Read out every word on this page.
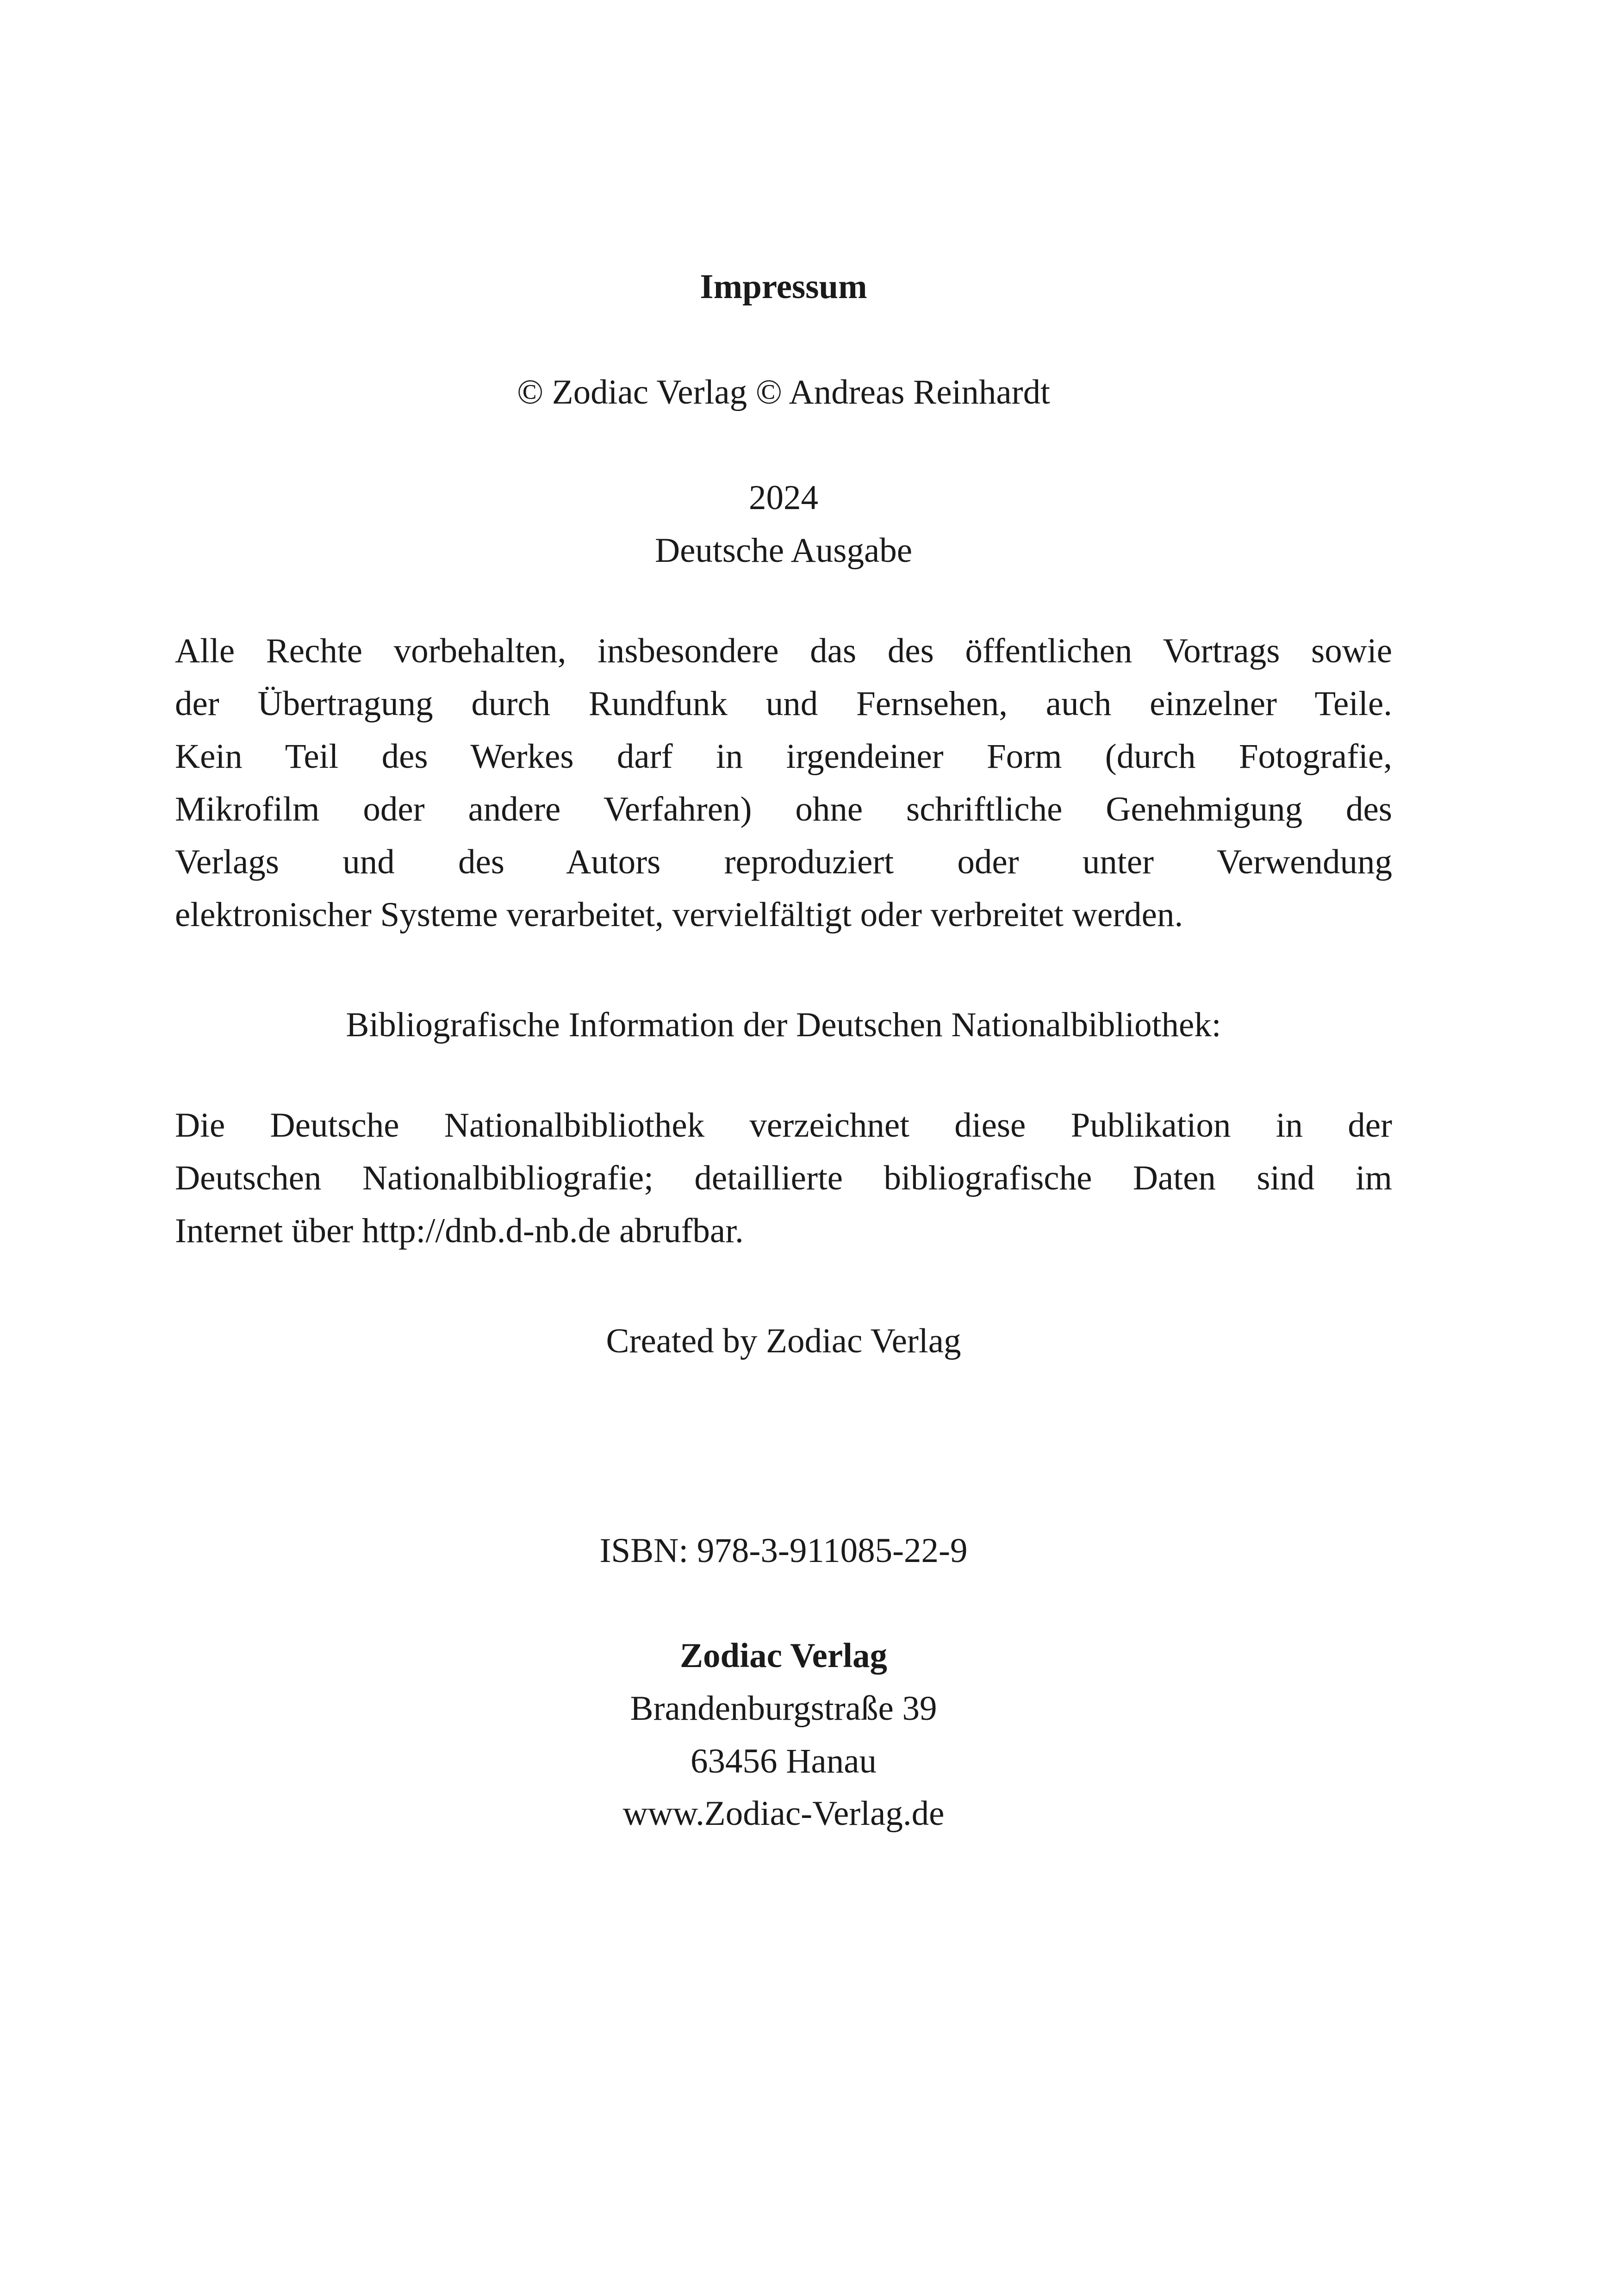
Impressum
© Zodiac Verlag © Andreas Reinhardt
2024
Deutsche Ausgabe
Alle Rechte vorbehalten, insbesondere das des öffentlichen Vortrags sowie
der Übertragung durch Rundfunk und Fernsehen, auch einzelner Teile.
Kein Teil des Werkes darf in irgendeiner Form (durch Fotografie,
Mikrofilm oder andere Verfahren) ohne schriftliche Genehmigung des
Verlags und des Autors reproduziert oder unter Verwendung
elektronischer Systeme verarbeitet, vervielfältigt oder verbreitet werden.
Bibliografische Information der Deutschen Nationalbibliothek:
Die Deutsche Nationalbibliothek verzeichnet diese Publikation in der
Deutschen Nationalbibliografie; detaillierte bibliografische Daten sind im
Internet über http://dnb.d-nb.de abrufbar.
Created by Zodiac Verlag
ISBN: 978-3-911085-22-9
Zodiac Verlag
Brandenburgstraße 39
63456 Hanau
www.Zodiac-Verlag.de
